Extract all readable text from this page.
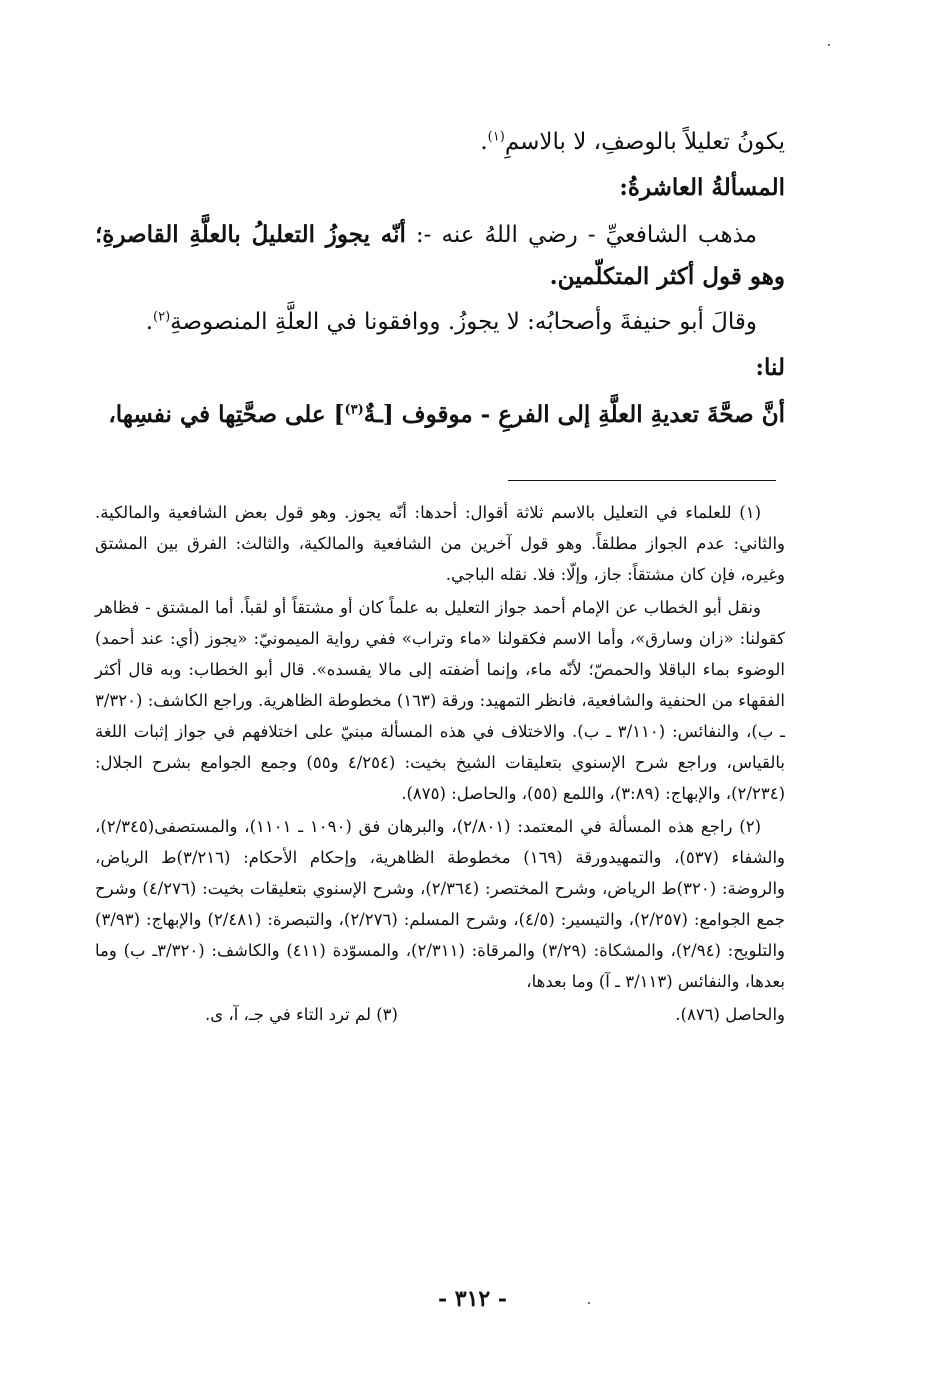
يكونُ تعليلاً بالوصفِ، لا بالاسمِ$^{(١)}$.

المسألةُ العاشرةُ:

مذهب الشافعيِّ - رضي اللهُ عنه -: أنّه يجوزُ التعليلُ بالعلَّةِ القاصرةِ؛ وهو قول أكثر المتكلّمين.

وقالَ أبو حنيفةَ وأصحابُه: لا يجوزُ. ووافقونا في العلَّةِ المنصوصةِ$^{(٢)}$.

لنا:

أنَّ صحَّةَ تعديةِ العلَّةِ إلى الفرعِ - موقوف [ـةٌ$^{(٣)}$] على صحَّتِها في نفسِها،

(١) للعلماء في التعليل بالاسم ثلاثة أقوال: أحدها: أنّه يجوز. وهو قول بعض الشافعية والمالكية. والثاني: عدم الجواز مطلقاً. وهو قول آخرين من الشافعية والمالكية، والثالث: الفرق بين المشتق وغيره، فإن كان مشتقاً: جاز، وإلّا: فلا. نقله الباجي.

ونقل أبو الخطاب عن الإمام أحمد جواز التعليل به علماً كان أو مشتقاً أو لقباً. أما المشتق - فظاهر كقولنا: «زان وسارق»، وأما الاسم فكقولنا «ماء وتراب» ففي رواية الميمونيّ: «يجوز (أي: عند أحمد) الوضوء بماء الباقلا والحمصّ؛ لأنّه ماء، وإنما أضفته إلى مالا يفسده». قال أبو الخطاب: وبه قال أكثر الفقهاء من الحنفية والشافعية، فانظر التمهيد: ورقة (١٦٣) مخطوطة الظاهرية. وراجع الكاشف: (٣/٣٢٠ ـ ب)، والنفائس: (٣/١١٠ ـ ب). والاختلاف في هذه المسألة مبنيّ على اختلافهم في جواز إثبات اللغة بالقياس، وراجع شرح الإسنوي بتعليقات الشيخ بخيت: (٤/٢٥٤ و٥٥) وجمع الجوامع بشرح الجلال: (٢/٢٣٤)، والإبهاج: (٣:٨٩)، واللمع (٥٥)، والحاصل: (٨٧٥).

(٢) راجع هذه المسألة في المعتمد: (٢/٨٠١)، والبرهان فق (١٠٩٠ ـ ١١٠١)، والمستصفى(٢/٣٤٥)، والشفاء (٥٣٧)، والتمهيدورقة (١٦٩) مخطوطة الظاهرية، وإحكام الأحكام: (٣/٢١٦)ط الرياض، والروضة: (٣٢٠)ط الرياض، وشرح المختصر: (٢/٣٦٤)، وشرح الإسنوي بتعليقات بخيت: (٤/٢٧٦) وشرح جمع الجوامع: (٢/٢٥٧)، والتيسير: (٤/٥)، وشرح المسلم: (٢/٢٧٦)، والتبصرة: (٢/٤٨١) والإبهاج: (٣/٩٣) والتلويح: (٢/٩٤)، والمشكاة: (٣/٢٩) والمرقاة: (٢/٣١١)، والمسوّدة (٤١١) والكاشف: (٣/٣٢٠ـ ب) وما بعدها، والنفائس (٣/١١٣ ـ آ) وما بعدها،

والحاصل (٨٧٦).
(٣) لم ترد التاء في جـ، آ، ى.

- ٣١٢ -
